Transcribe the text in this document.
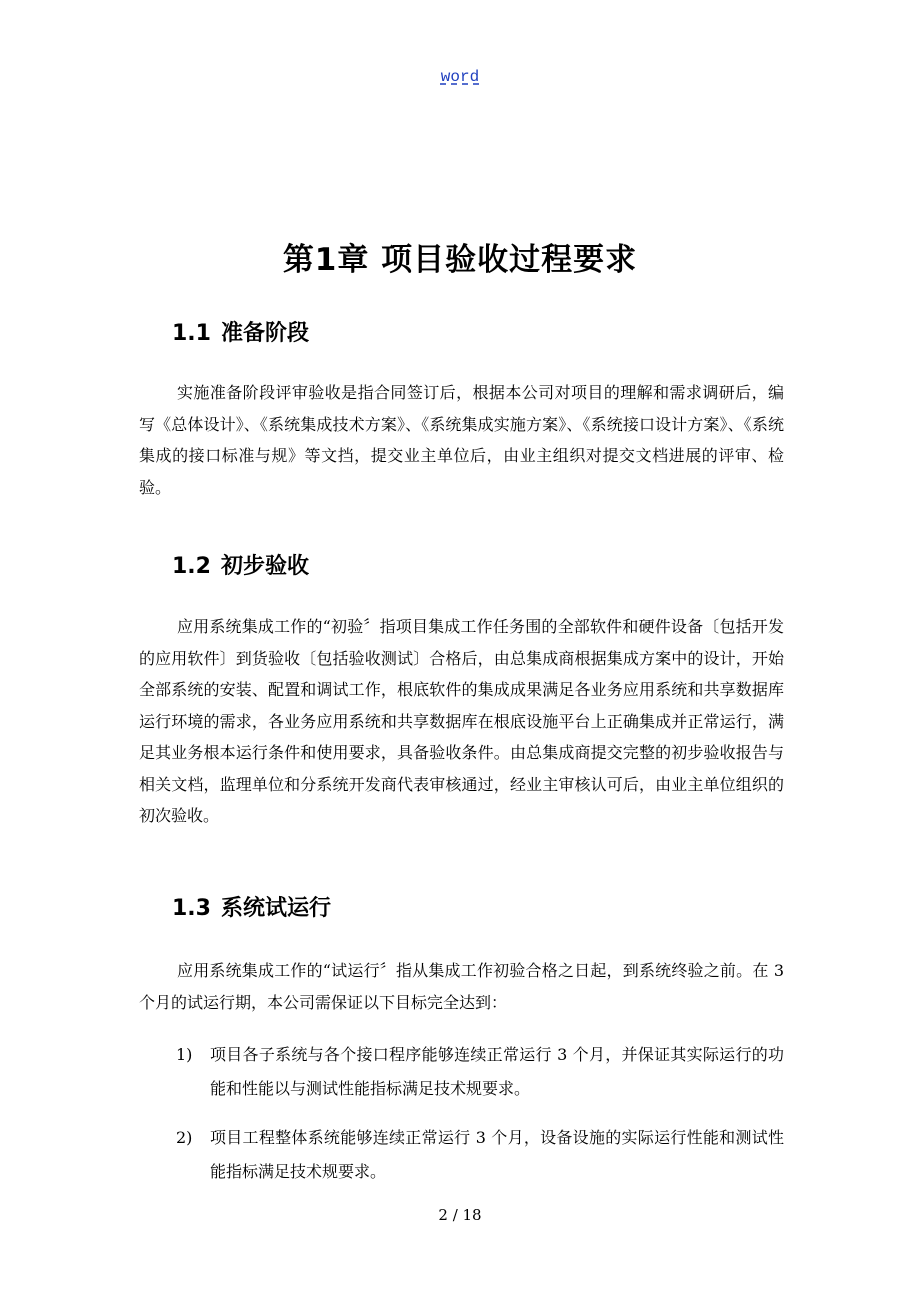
word
第1章 项目验收过程要求
1.1 准备阶段

实施准备阶段评审验收是指合同签订后，根据本公司对项目的理解和需求调研后，编写《总体设计》、《系统集成技术方案》、《系统集成实施方案》、《系统接口设计方案》、《系统集成的接口标准与规》等文挡，提交业主单位后，由业主组织对提交文档进展的评审、检验。

1.2 初步验收

应用系统集成工作的“初验〞指项目集成工作任务围的全部软件和硬件设备〔包括开发的应用软件〕到货验收〔包括验收测试〕合格后，由总集成商根据集成方案中的设计，开始全部系统的安装、配置和调试工作，根底软件的集成成果满足各业务应用系统和共享数据库运行环境的需求，各业务应用系统和共享数据库在根底设施平台上正确集成并正常运行，满足其业务根本运行条件和使用要求，具备验收条件。由总集成商提交完整的初步验收报告与相关文档，监理单位和分系统开发商代表审核通过，经业主审核认可后，由业主单位组织的初次验收。

1.3 系统试运行

应用系统集成工作的“试运行〞指从集成工作初验合格之日起，到系统终验之前。在 3 个月的试运行期，本公司需保证以下目标完全达到：

1)	项目各子系统与各个接口程序能够连续正常运行 3 个月，并保证其实际运行的功能和性能以与测试性能指标满足技术规要求。
2)	项目工程整体系统能够连续正常运行 3 个月，设备设施的实际运行性能和测试性能指标满足技术规要求。
2 / 18
